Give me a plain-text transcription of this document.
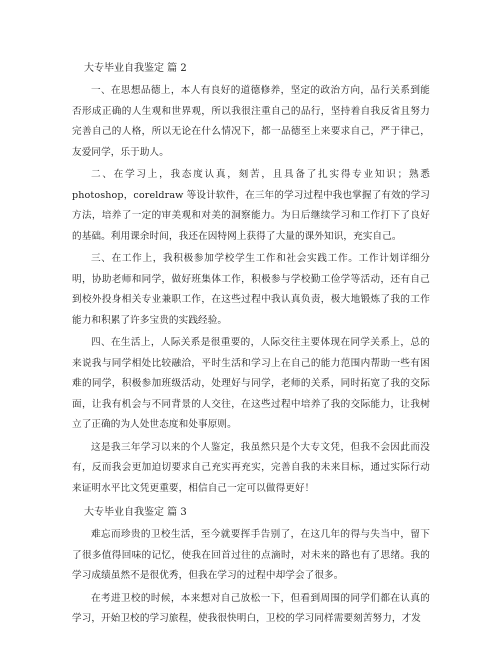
大专毕业自我鉴定 篇 2

一、在思想品德上，本人有良好的道德修养，坚定的政治方向，品行关系到能否形成正确的人生观和世界观，所以我很注重自己的品行，坚持着自我反省且努力完善自己的人格，所以无论在什么情况下，都一品德至上来要求自己，严于律己，友爱同学，乐于助人。

二、在学习上，我态度认真，刻苦，且具备了扎实得专业知识；熟悉photoshop，coreldraw 等设计软件，在三年的学习过程中我也掌握了有效的学习方法，培养了一定的审美观和对美的洞察能力。为日后继续学习和工作打下了良好的基础。利用课余时间，我还在因特网上获得了大量的课外知识，充实自己。

三、在工作上，我积极参加学校学生工作和社会实践工作。工作计划详细分明，协助老师和同学，做好班集体工作，积极参与学校勤工俭学等活动，还有自己到校外投身相关专业兼职工作，在这些过程中我认真负责，极大地锻炼了我的工作能力和积累了许多宝贵的实践经验。

四、在生活上，人际关系是很重要的，人际交往主要体现在同学关系上，总的来说我与同学相处比较融洽，平时生活和学习上在自己的能力范围内帮助一些有困难的同学，积极参加班级活动，处理好与同学，老师的关系，同时拓宽了我的交际面，让我有机会与不同背景的人交往，在这些过程中培养了我的交际能力，让我树立了正确的为人处世态度和处事原则。

这是我三年学习以来的个人鉴定，我虽然只是个大专文凭，但我不会因此而没有，反而我会更加迫切要求自己充实再充实，完善自我的未来目标，通过实际行动来证明水平比文凭更重要，相信自己一定可以做得更好！

大专毕业自我鉴定 篇 3

难忘而珍贵的卫校生活，至今就要挥手告别了，在这几年的得与失当中，留下了很多值得回味的记忆，使我在回首过往的点滴时，对未来的路也有了思绪。我的学习成绩虽然不是很优秀，但我在学习的过程中却学会了很多。

在考进卫校的时候，本来想对自己放松一下，但看到周围的同学们都在认真的学习，开始卫校的学习旅程，使我很快明白，卫校的学习同样需要刻苦努力，才发
